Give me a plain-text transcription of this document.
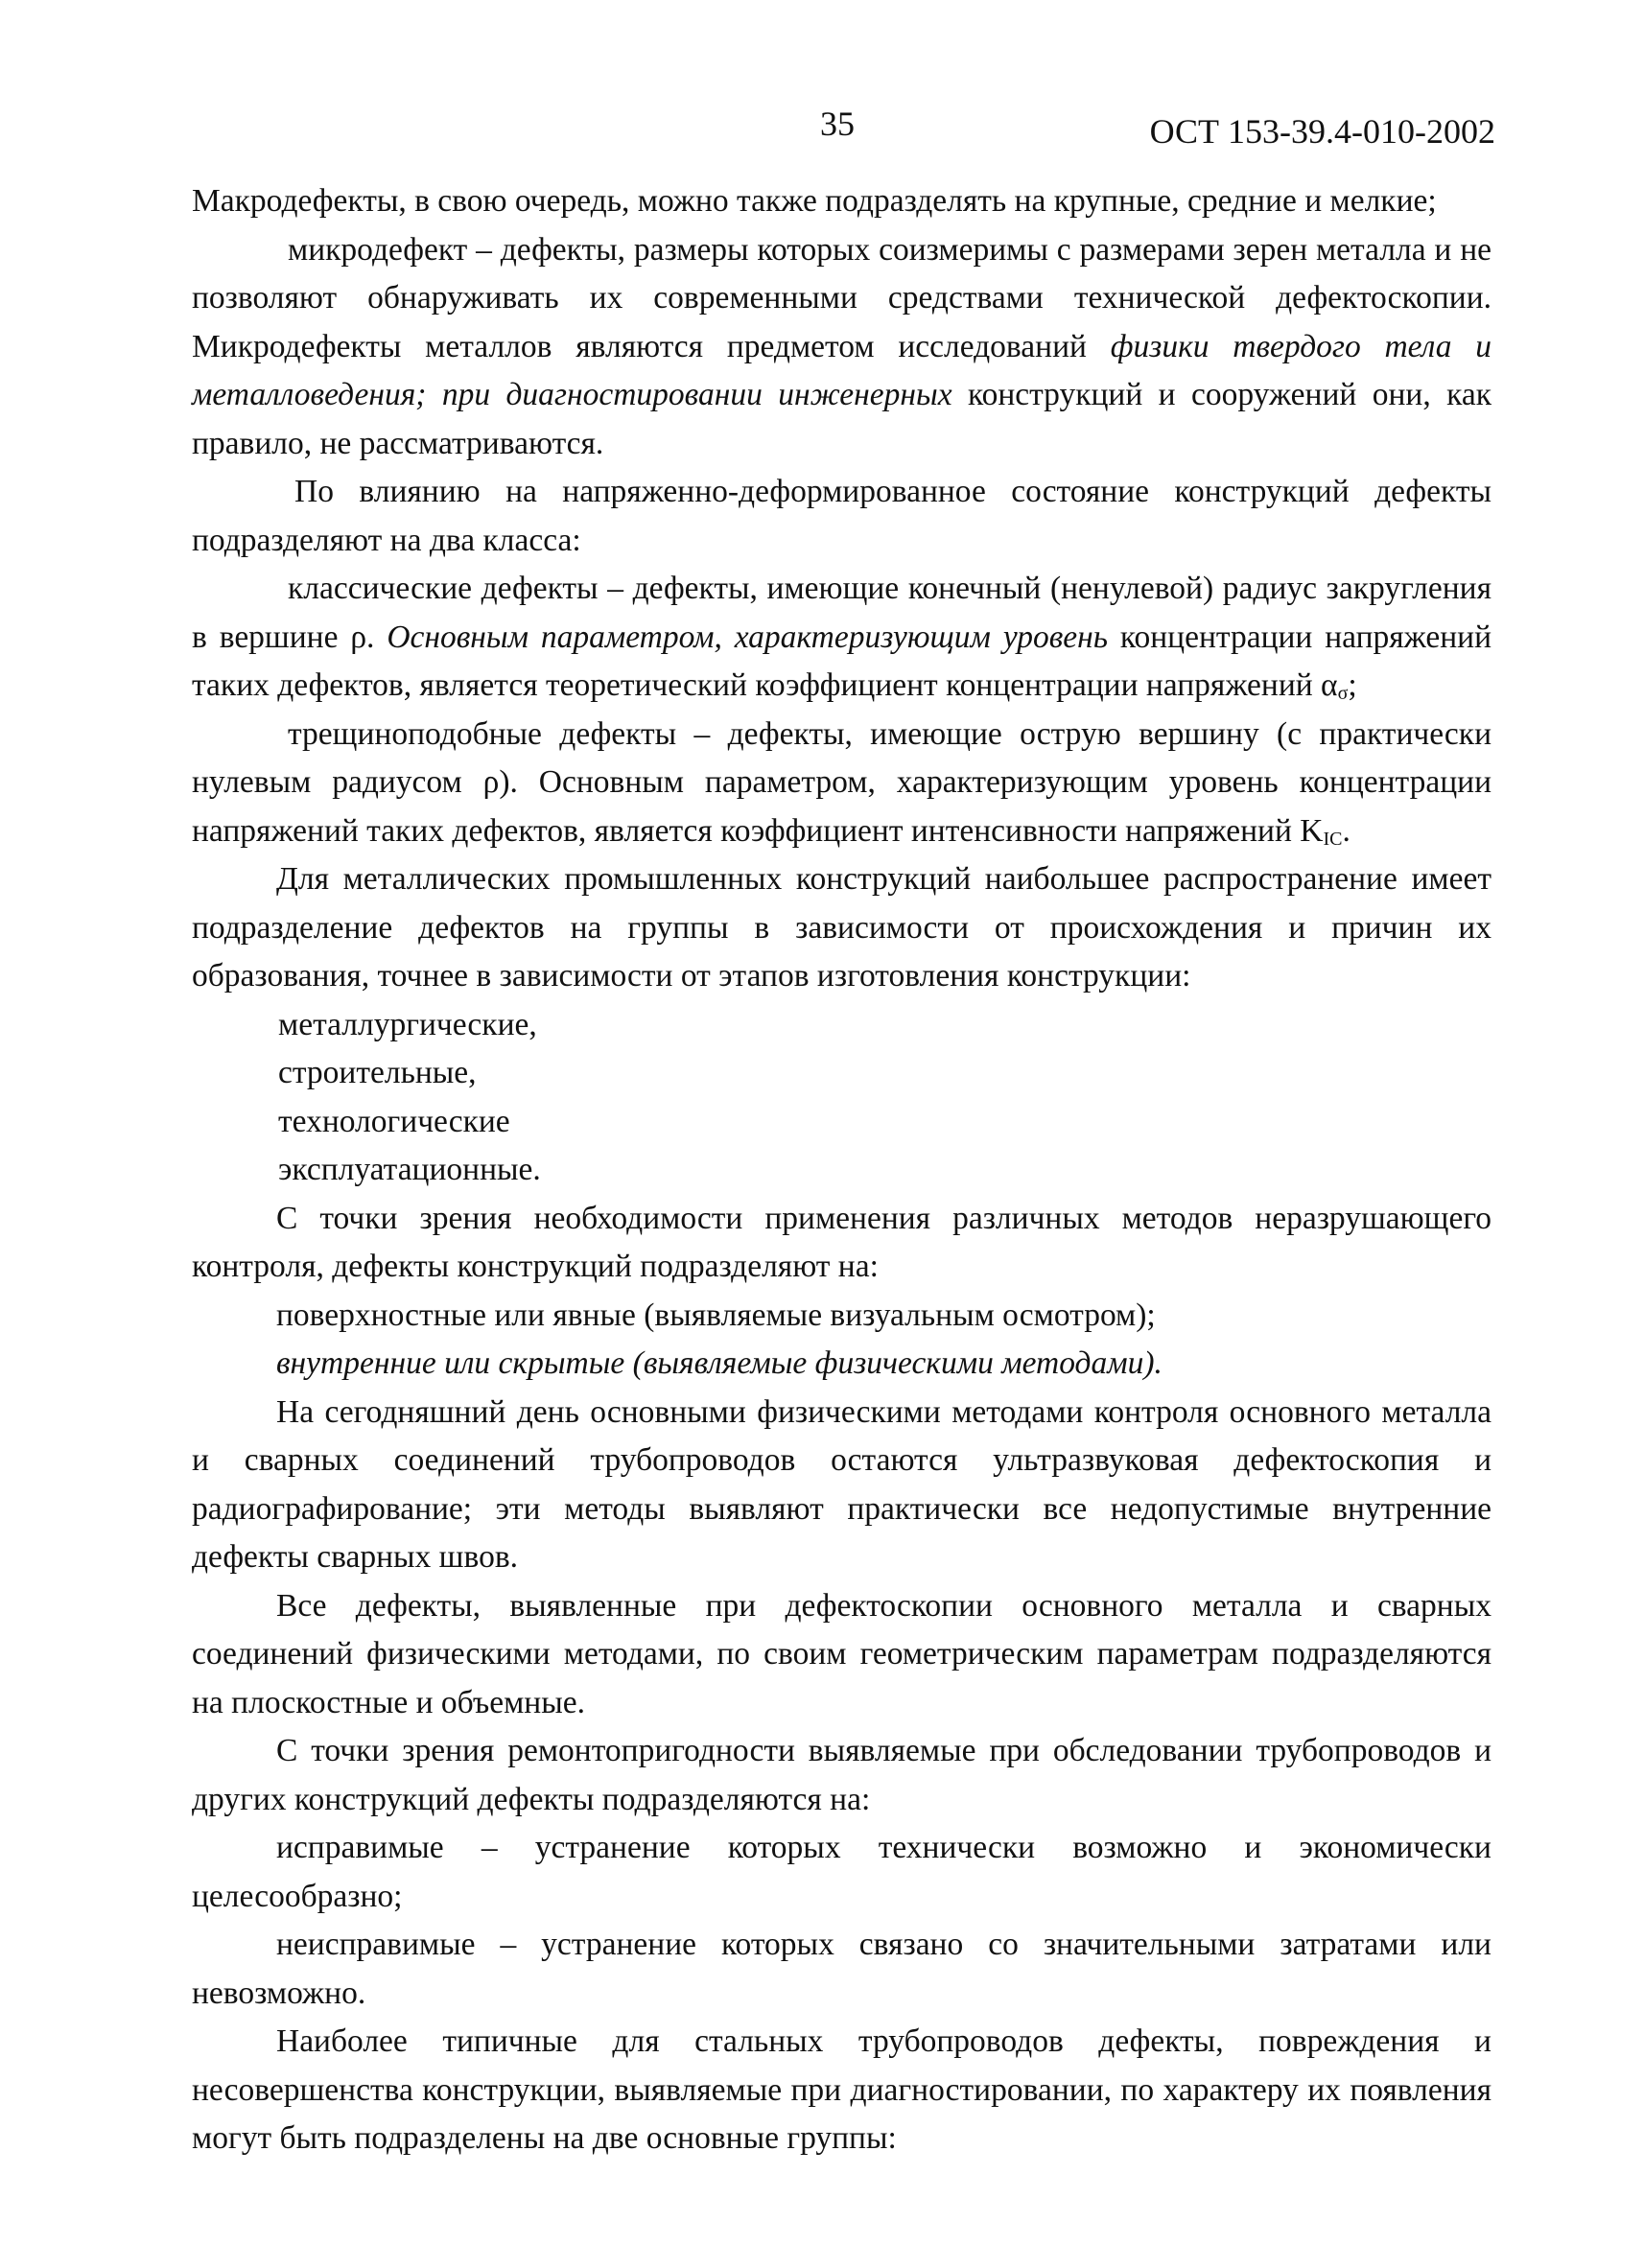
35	ОСТ 153-39.4-010-2002

Макродефекты, в свою очередь, можно также подразделять на крупные, средние и мелкие;

микродефект – дефекты, размеры которых соизмеримы с размерами зерен металла и не позволяют обнаруживать их современными средствами технической дефектоскопии. Микродефекты металлов являются предметом исследований физики твердого тела и металловедения; при диагностировании инженерных конструкций и сооружений они, как правило, не рассматриваются.

По влиянию на напряженно-деформированное состояние конструкций дефекты подразделяют на два класса:

классические дефекты – дефекты, имеющие конечный (ненулевой) радиус закругления в вершине ρ. Основным параметром, характеризующим уровень концентрации напряжений таких дефектов, является теоретический коэффициент концентрации напряжений $\alpha_\sigma$;

трещиноподобные дефекты – дефекты, имеющие острую вершину (с практически нулевым радиусом ρ). Основным параметром, характеризующим уровень концентрации напряжений таких дефектов, является коэффициент интенсивности напряжений $K_{IC}$.

Для металлических промышленных конструкций наибольшее распространение имеет подразделение дефектов на группы в зависимости от происхождения и причин их образования, точнее в зависимости от этапов изготовления конструкции:

металлургические,
строительные,
технологические
эксплуатационные.

С точки зрения необходимости применения различных методов неразрушающего контроля, дефекты конструкций подразделяют на:

поверхностные или явные (выявляемые визуальным осмотром);

внутренние или скрытые (выявляемые физическими методами).

На сегодняшний день основными физическими методами контроля основного металла и сварных соединений трубопроводов остаются ультразвуковая дефектоскопия и радиографирование; эти методы выявляют практически все недопустимые внутренние дефекты сварных швов.

Все дефекты, выявленные при дефектоскопии основного металла и сварных соединений физическими методами, по своим геометрическим параметрам подразделяются на плоскостные и объемные.

С точки зрения ремонтопригодности выявляемые при обследовании трубопроводов и других конструкций дефекты подразделяются на:

исправимые – устранение которых технически возможно и экономически целесообразно;

неисправимые – устранение которых связано со значительными затратами или невозможно.

Наиболее типичные для стальных трубопроводов дефекты, повреждения и несовершенства конструкции, выявляемые при диагностировании, по характеру их появления могут быть подразделены на две основные группы:
